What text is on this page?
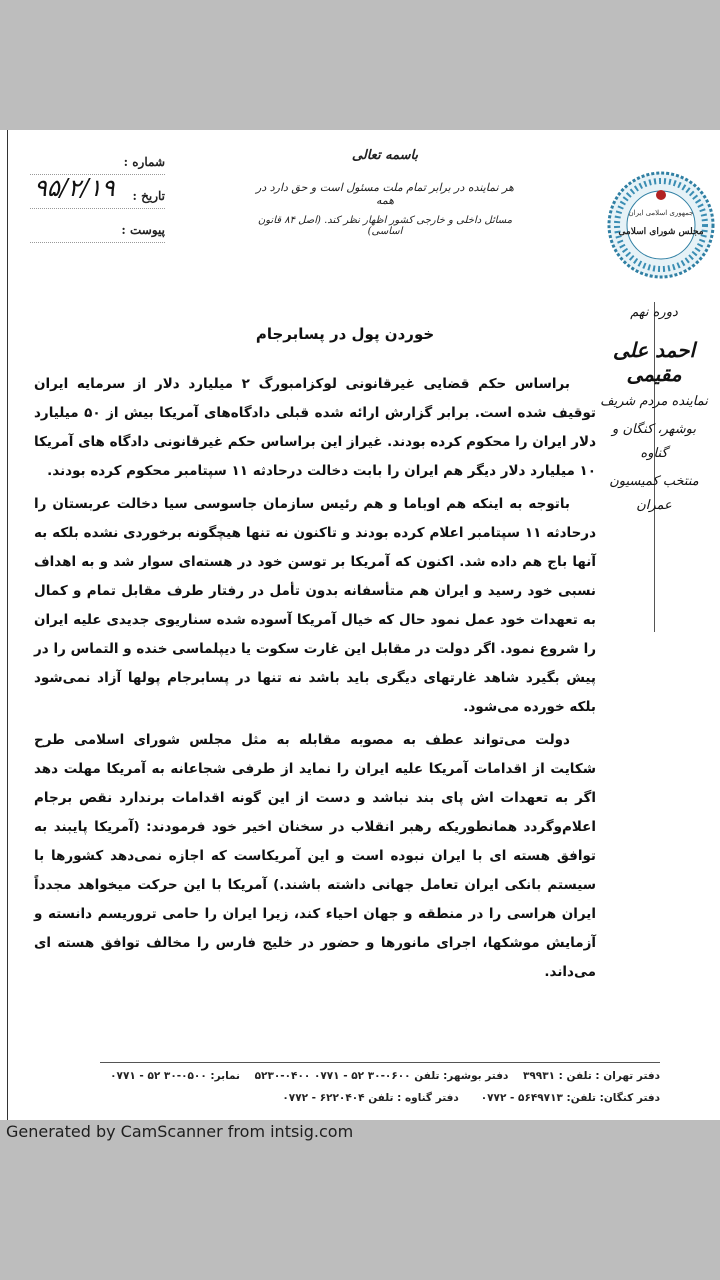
شماره :
تاریخ :
۹۵/۲/۱۹
پیوست :
باسمه تعالی
هر نماینده در برابر تمام ملت مسئول است و حق دارد در همه
مسائل داخلی و خارجی کشور اظهار نظر کند. (اصل ۸۴ قانون اساسی)
جمهوری اسلامی ایران
مجلس شورای اسلامی
دوره نهم
احمد علی مقیمی
نماینده مردم شریف
بوشهر، کنگان و گناوه
منتخب کمیسیون عمران
خوردن پول در پسابرجام

براساس حکم قضایی غیرقانونی لوکزامبورگ ۲ میلیارد دلار از سرمایه ایران توقیف شده است. برابر گزارش ارائه شده قبلی دادگاه‌های آمریکا بیش از ۵۰ میلیارد دلار ایران را محکوم کرده بودند. غیراز این براساس حکم غیرقانونی دادگاه های آمریکا ۱۰ میلیارد دلار دیگر هم ایران را بابت دخالت درحادثه ۱۱ سپتامبر محکوم کرده بودند.

باتوجه به اینکه هم اوباما و هم رئیس سازمان جاسوسی سیا دخالت عربستان را درحادثه ۱۱ سپتامبر اعلام کرده بودند و تاکنون نه تنها هیچگونه برخوردی نشده بلکه به آنها باج هم داده شد. اکنون که آمریکا بر توسن خود در هسته‌ای سوار شد و به اهداف نسبی خود رسید و ایران هم متأسفانه بدون تأمل در رفتار طرف مقابل تمام و کمال به تعهدات خود عمل نمود حال که خیال آمریکا آسوده شده سناریوی جدیدی علیه ایران را شروع نمود. اگر دولت در مقابل این غارت سکوت یا دیپلماسی خنده و التماس را در پیش بگیرد شاهد غارتهای دیگری باید باشد نه تنها در پسابرجام پولها آزاد نمی‌شود بلکه خورده می‌شود.

دولت می‌تواند عطف به مصوبه مقابله به مثل مجلس شورای اسلامی طرح شکایت از اقدامات آمریکا علیه ایران را نماید از طرفی شجاعانه به آمریکا مهلت دهد اگر به تعهدات اش پای بند نباشد و دست از این گونه اقدامات برندارد نقص برجام اعلام‌وگردد همانطوریکه رهبر انقلاب در سخنان اخیر خود فرمودند: (آمریکا پایبند به توافق هسته ای با ایران نبوده است و این آمریکاست که اجازه نمی‌دهد کشورها با سیستم بانکی ایران تعامل جهانی داشته باشند.) آمریکا با این حرکت میخواهد مجدداً ایران هراسی را در منطقه و جهان احیاء کند، زیرا ایران را حامی تروریسم دانسته و آزمایش موشکها، اجرای مانورها و حضور در خلیج فارس را مخالف توافق هسته ای می‌داند.

دفتر تهران : تلفن : ۳۹۹۳۱    دفتر بوشهر: تلفن ۰۶۰۰-۳۰ ۵۲ - ۰۷۷۱ ۰۴۰۰-۵۲۳۰    نمابر: ۰۵۰۰-۳۰ ۵۲ - ۰۷۷۱
دفتر کنگان: تلفن: ۵۶۴۹۷۱۳ - ۰۷۷۲      دفتر گناوه : تلفن ۶۲۲۰۴۰۴ - ۰۷۷۲
Generated by CamScanner from intsig.com
